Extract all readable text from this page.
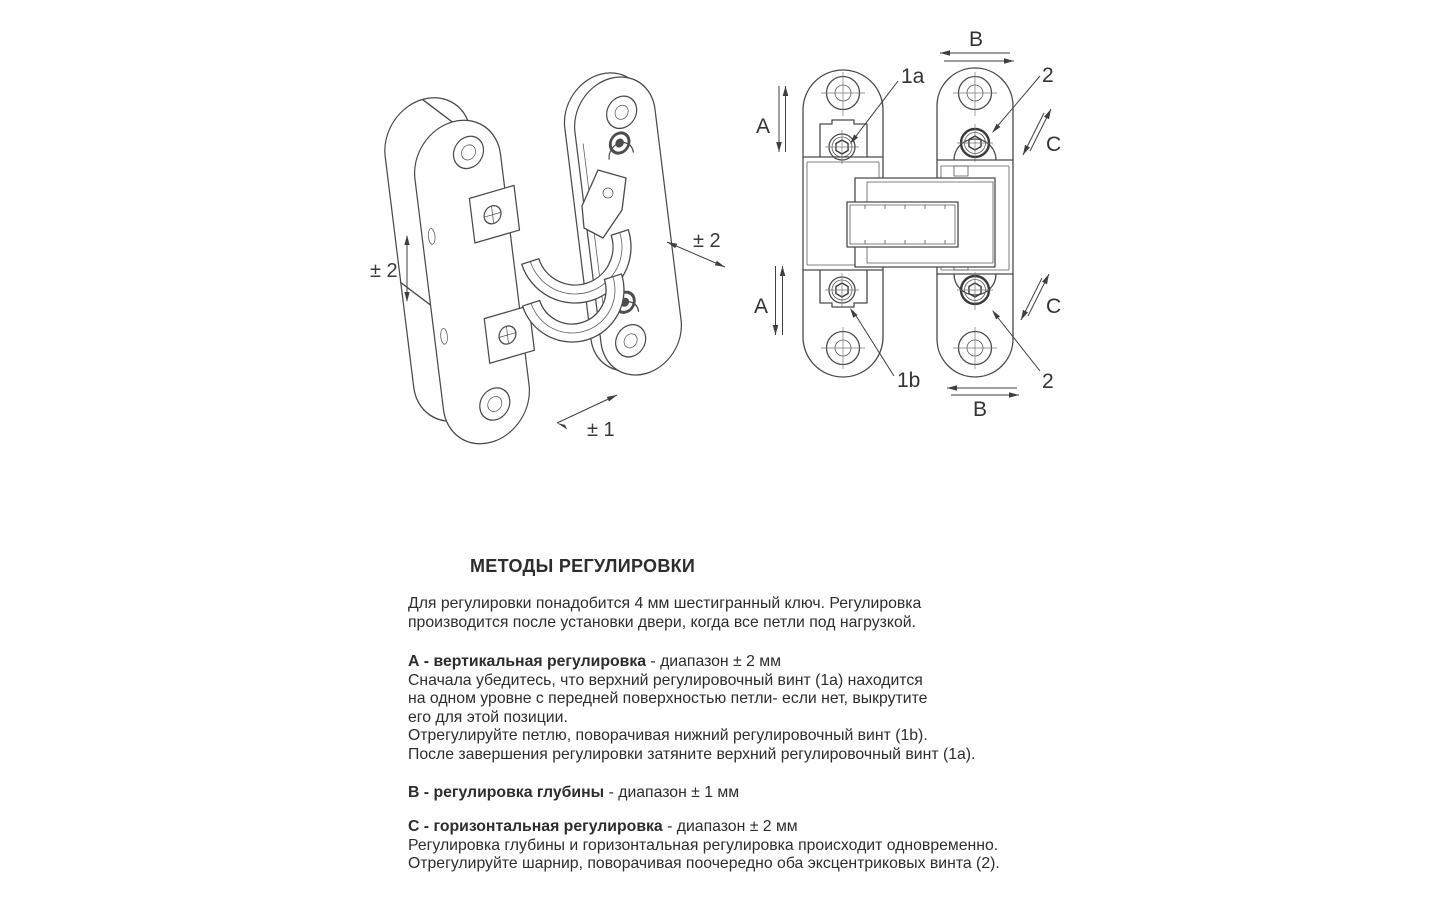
± 2
± 2
± 1
B
B
A
A
C
C
1a
1b
2
2
МЕТОДЫ РЕГУЛИРОВКИ
Для регулировки понадобится 4 мм шестигранный ключ. Регулировка
производится после установки двери, когда все петли под нагрузкой.
А - вертикальная регулировка - диапазон ± 2 мм
Сначала убедитесь, что верхний регулировочный винт (1а) находится
на одном уровне с передней поверхностью петли- если нет, выкрутите
его для этой позиции.
Отрегулируйте петлю, поворачивая нижний регулировочный винт (1b).
После завершения регулировки затяните верхний регулировочный винт (1а).
В - регулировка глубины - диапазон ± 1 мм
С - горизонтальная регулировка - диапазон ± 2 мм
Регулировка глубины и горизонтальная регулировка происходит одновременно.
Отрегулируйте шарнир, поворачивая поочередно оба эксцентриковых винта (2).
